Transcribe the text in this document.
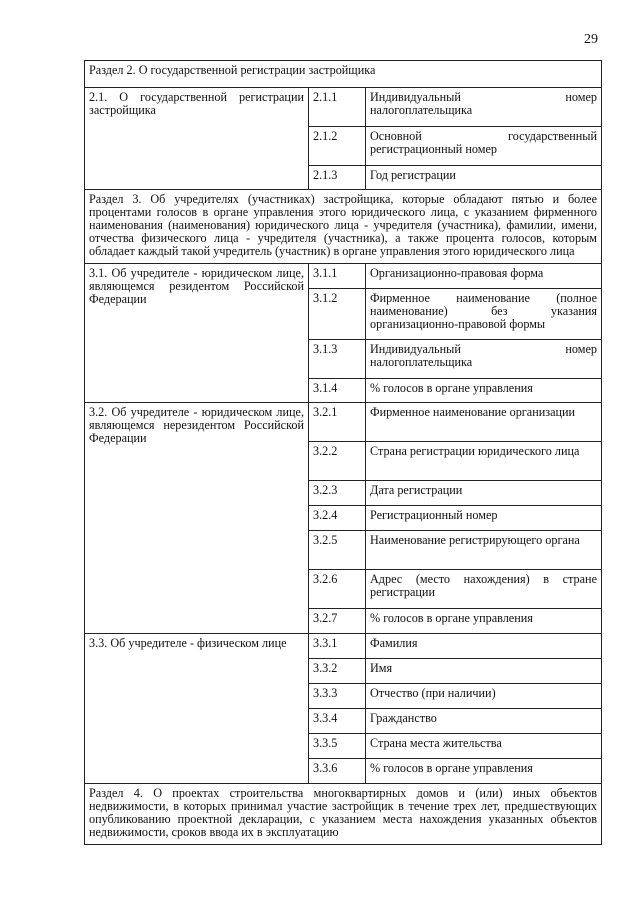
29
Раздел 2. О государственной регистрации застройщика		
2.1. О государственной регистрации застройщика	2.1.1	Индивидуальный номер налогоплательщика
	2.1.2	Основной государственный регистрационный номер
	2.1.3	Год регистрации
Раздел 3. Об учредителях (участниках) застройщика, которые обладают пятью и более процентами голосов в органе управления этого юридического лица, с указанием фирменного наименования (наименования) юридического лица - учредителя (участника), фамилии, имени, отчества физического лица - учредителя (участника), а также процента голосов, которым обладает каждый такой учредитель (участник) в органе управления этого юридического лица		
3.1. Об учредителе - юридическом лице, являющемся резидентом Российской Федерации	3.1.1	Организационно-правовая форма
	3.1.2	Фирменное наименование (полное наименование) без указания организационно-правовой формы
	3.1.3	Индивидуальный номер налогоплательщика
	3.1.4	% голосов в органе управления
3.2. Об учредителе - юридическом лице, являющемся нерезидентом Российской Федерации	3.2.1	Фирменное наименование организации
	3.2.2	Страна регистрации юридического лица
	3.2.3	Дата регистрации
	3.2.4	Регистрационный номер
	3.2.5	Наименование регистрирующего органа
	3.2.6	Адрес (место нахождения) в стране регистрации
	3.2.7	% голосов в органе управления
3.3. Об учредителе - физическом лице	3.3.1	Фамилия
	3.3.2	Имя
	3.3.3	Отчество (при наличии)
	3.3.4	Гражданство
	3.3.5	Страна места жительства
	3.3.6	% голосов в органе управления
Раздел 4. О проектах строительства многоквартирных домов и (или) иных объектов недвижимости, в которых принимал участие застройщик в течение трех лет, предшествующих опубликованию проектной декларации, с указанием места нахождения указанных объектов недвижимости, сроков ввода их в эксплуатацию		
